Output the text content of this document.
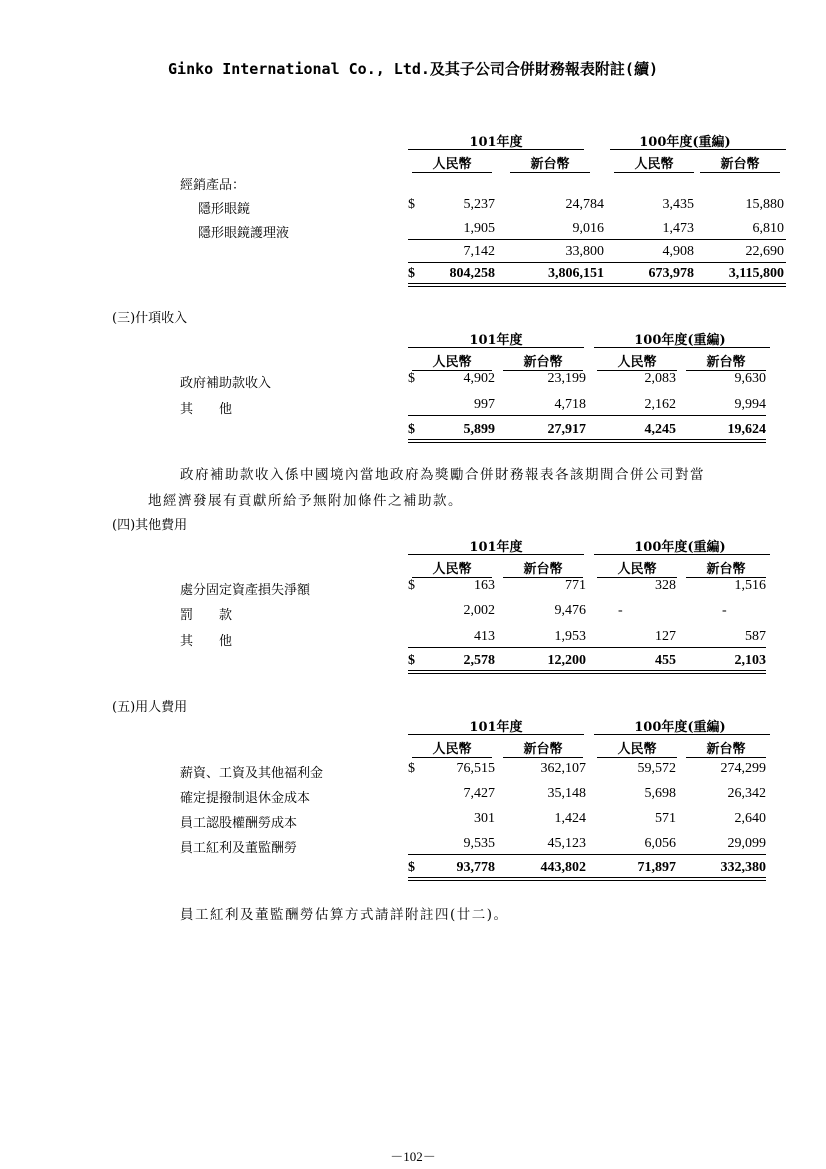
Ginko International Co., Ltd.及其子公司合併財務報表附註(續)
101年度	100年度(重編)
人民幣	新台幣	人民幣	新台幣
經銷產品：
隱形眼鏡	$	5,237	24,784	3,435	15,880
隱形眼鏡護理液	1,905	9,016	1,473	6,810
7,142	33,800	4,908	22,690
$ 804,258	3,806,151	673,978 3,115,800
(三)什項收入
101年度	100年度(重編)
人民幣	新台幣	人民幣	新台幣
政府補助款收入	$	4,902	23,199	2,083	9,630
其　　他	997	4,718	2,162	9,994
$	5,899	27,917	4,245	19,624
政府補助款收入係中國境內當地政府為獎勵合併財務報表各該期間合併公司對當
地經濟發展有貢獻所給予無附加條件之補助款。
(四)其他費用
101年度	100年度(重編)
人民幣	新台幣	人民幣	新台幣
處分固定資產損失淨額	$	163	771	328	1,516
罰　　款	2,002	9,476 -	-
其　　他	413	1,953	127	587
$	2,578	12,200	455	2,103
(五)用人費用
101年度	100年度(重編)
人民幣	新台幣	人民幣	新台幣
薪資、工資及其他福利金	$	76,515	362,107	59,572	274,299
確定提撥制退休金成本	7,427	35,148	5,698	26,342
員工認股權酬勞成本	301	1,424	571	2,640
員工紅利及董監酬勞	9,535	45,123	6,056	29,099
$	93,778	443,802	71,897	332,380
員工紅利及董監酬勞估算方式請詳附註四(廿二)。
－102－
